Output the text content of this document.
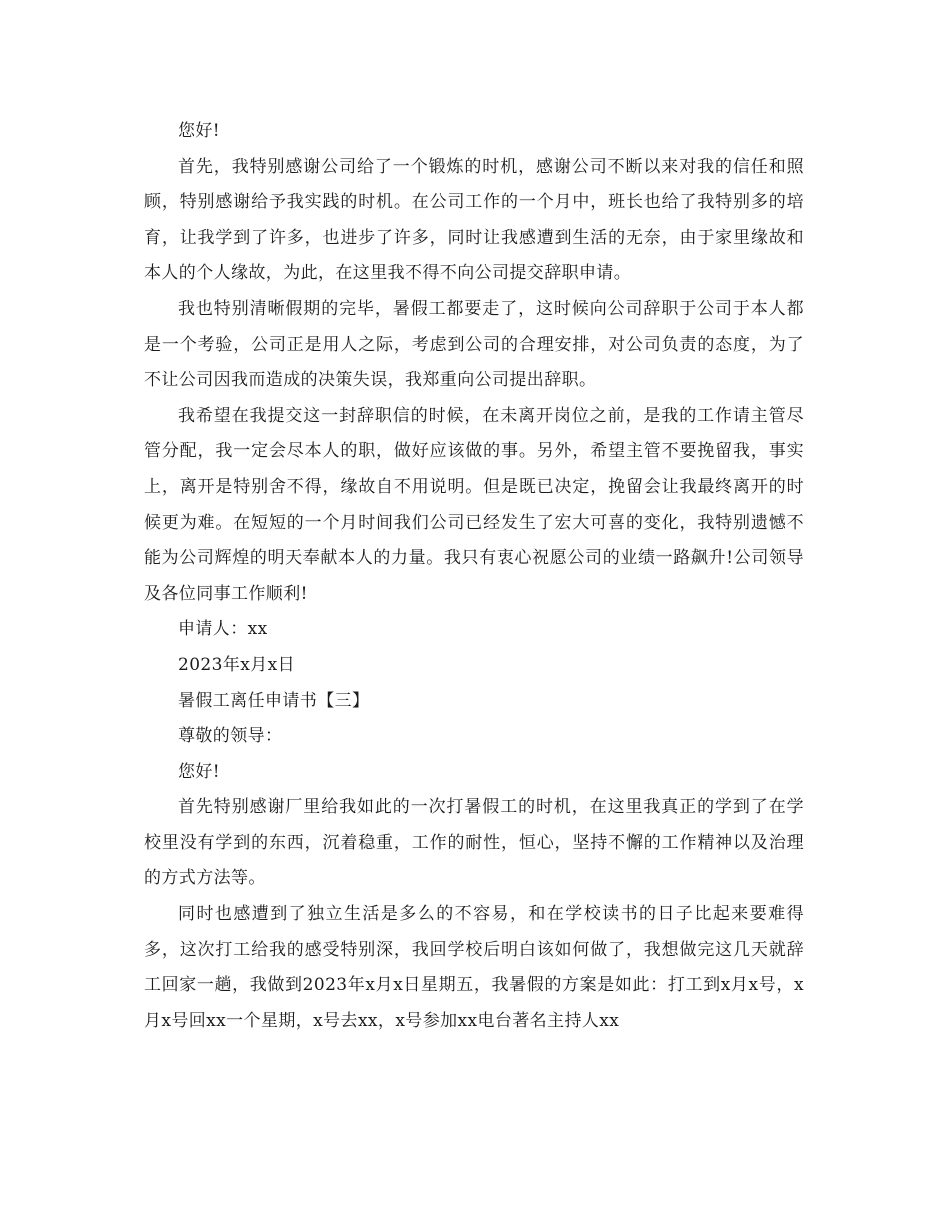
您好!

首先，我特别感谢公司给了一个锻炼的时机，感谢公司不断以来对我的信任和照顾，特别感谢给予我实践的时机。在公司工作的一个月中，班长也给了我特别多的培育，让我学到了许多，也进步了许多，同时让我感遭到生活的无奈，由于家里缘故和本人的个人缘故，为此，在这里我不得不向公司提交辞职申请。

我也特别清晰假期的完毕，暑假工都要走了，这时候向公司辞职于公司于本人都是一个考验，公司正是用人之际，考虑到公司的合理安排，对公司负责的态度，为了不让公司因我而造成的决策失误，我郑重向公司提出辞职。

我希望在我提交这一封辞职信的时候，在未离开岗位之前，是我的工作请主管尽管分配，我一定会尽本人的职，做好应该做的事。另外，希望主管不要挽留我，事实上，离开是特别舍不得，缘故自不用说明。但是既已决定，挽留会让我最终离开的时候更为难。在短短的一个月时间我们公司已经发生了宏大可喜的变化，我特别遗憾不能为公司辉煌的明天奉献本人的力量。我只有衷心祝愿公司的业绩一路飙升!公司领导及各位同事工作顺利!

申请人：xx

2023年x月x日

暑假工离任申请书【三】

尊敬的领导：

您好!

首先特别感谢厂里给我如此的一次打暑假工的时机，在这里我真正的学到了在学校里没有学到的东西，沉着稳重，工作的耐性，恒心，坚持不懈的工作精神以及治理的方式方法等。

同时也感遭到了独立生活是多么的不容易，和在学校读书的日子比起来要难得多，这次打工给我的感受特别深，我回学校后明白该如何做了，我想做完这几天就辞工回家一趟，我做到2023年x月x日星期五，我暑假的方案是如此：打工到x月x号，x月x号回xx一个星期，x号去xx，x号参加xx电台著名主持人xx
